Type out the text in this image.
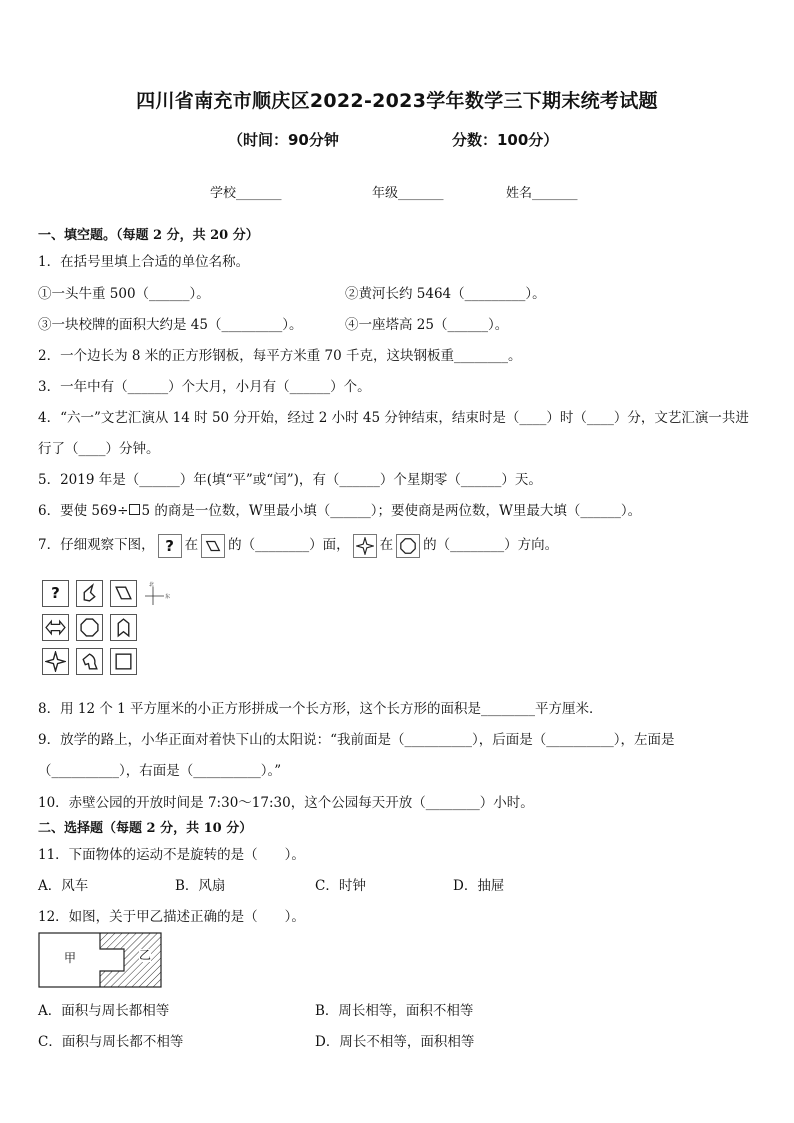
四川省南充市顺庆区2022-2023学年数学三下期末统考试题
（时间：90分钟	分数：100分）
学校_______	年级_______	姓名_______
一、填空题。（每题 2 分，共 20 分）
1．在括号里填上合适的单位名称。
①一头牛重 500（______）。	②黄河长约 5464（_________）。
③一块校牌的面积大约是 45（_________）。	④一座塔高 25（______）。
2．一个边长为 8 米的正方形钢板，每平方米重 70 千克，这块钢板重________。
3．一年中有（______）个大月，小月有（______）个。
4．“六一”文艺汇演从 14 时 50 分开始，经过 2 小时 45 分钟结束，结束时是（____）时（____）分，文艺汇演一共进
行了（____）分钟。
5．2019 年是（______）年(填“平”或“闰”)，有（______）个星期零（______）天。
6．要使 569÷ 5 的商是一位数，W里最小填（______）；要使商是两位数，W里最大填（______）。
7．仔细观察下图， ? 在 的（________）面， 在 的（________）方向。
?	北
东
8．用 12 个 1 平方厘米的小正方形拼成一个长方形，这个长方形的面积是________平方厘米．
9．放学的路上，小华正面对着快下山的太阳说：“我前面是（__________），后面是（__________），左面是
（__________），右面是（__________）。”
10．赤壁公园的开放时间是 7:30～17:30，这个公园每天开放（________）小时。
二、选择题（每题 2 分，共 10 分）
11．下面物体的运动不是旋转的是（　　）。
A．风车	B．风扇	C．时钟	D．抽屉
12．如图，关于甲乙描述正确的是（　　）。
甲	乙
A．面积与周长都相等	B．周长相等，面积不相等
C．面积与周长都不相等	D．周长不相等，面积相等
